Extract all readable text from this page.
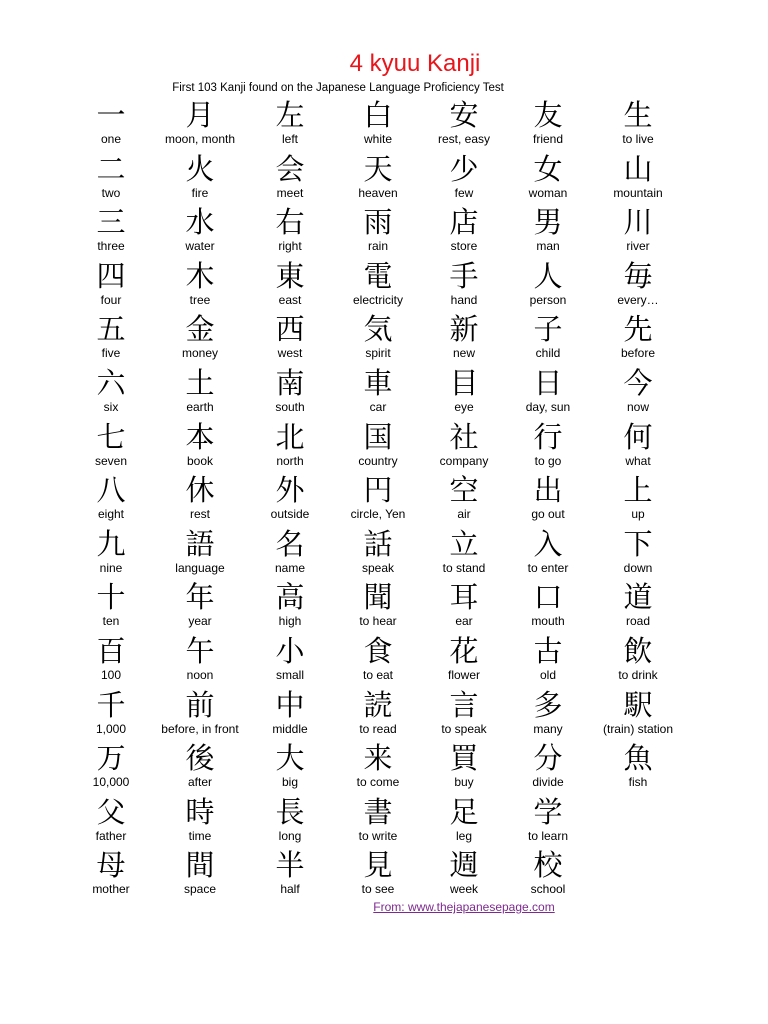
4 kyuu Kanji
First 103 Kanji found on the Japanese Language Proficiency Test
一
one
月
moon, month
左
left
白
white
安
rest, easy
友
friend
生
to live
二
two
火
fire
会
meet
天
heaven
少
few
女
woman
山
mountain
三
three
水
water
右
right
雨
rain
店
store
男
man
川
river
四
four
木
tree
東
east
電
electricity
手
hand
人
person
毎
every…
五
five
金
money
西
west
気
spirit
新
new
子
child
先
before
六
six
土
earth
南
south
車
car
目
eye
日
day, sun
今
now
七
seven
本
book
北
north
国
country
社
company
行
to go
何
what
八
eight
休
rest
外
outside
円
circle, Yen
空
air
出
go out
上
up
九
nine
語
language
名
name
話
speak
立
to stand
入
to enter
下
down
十
ten
年
year
高
high
聞
to hear
耳
ear
口
mouth
道
road
百
100
午
noon
小
small
食
to eat
花
flower
古
old
飲
to drink
千
1,000
前
before, in front
中
middle
読
to read
言
to speak
多
many
駅
(train) station
万
10,000
後
after
大
big
来
to come
買
buy
分
divide
魚
fish
父
father
時
time
長
long
書
to write
足
leg
学
to learn
母
mother
間
space
半
half
見
to see
週
week
校
school
From: www.thejapanesepage.com
